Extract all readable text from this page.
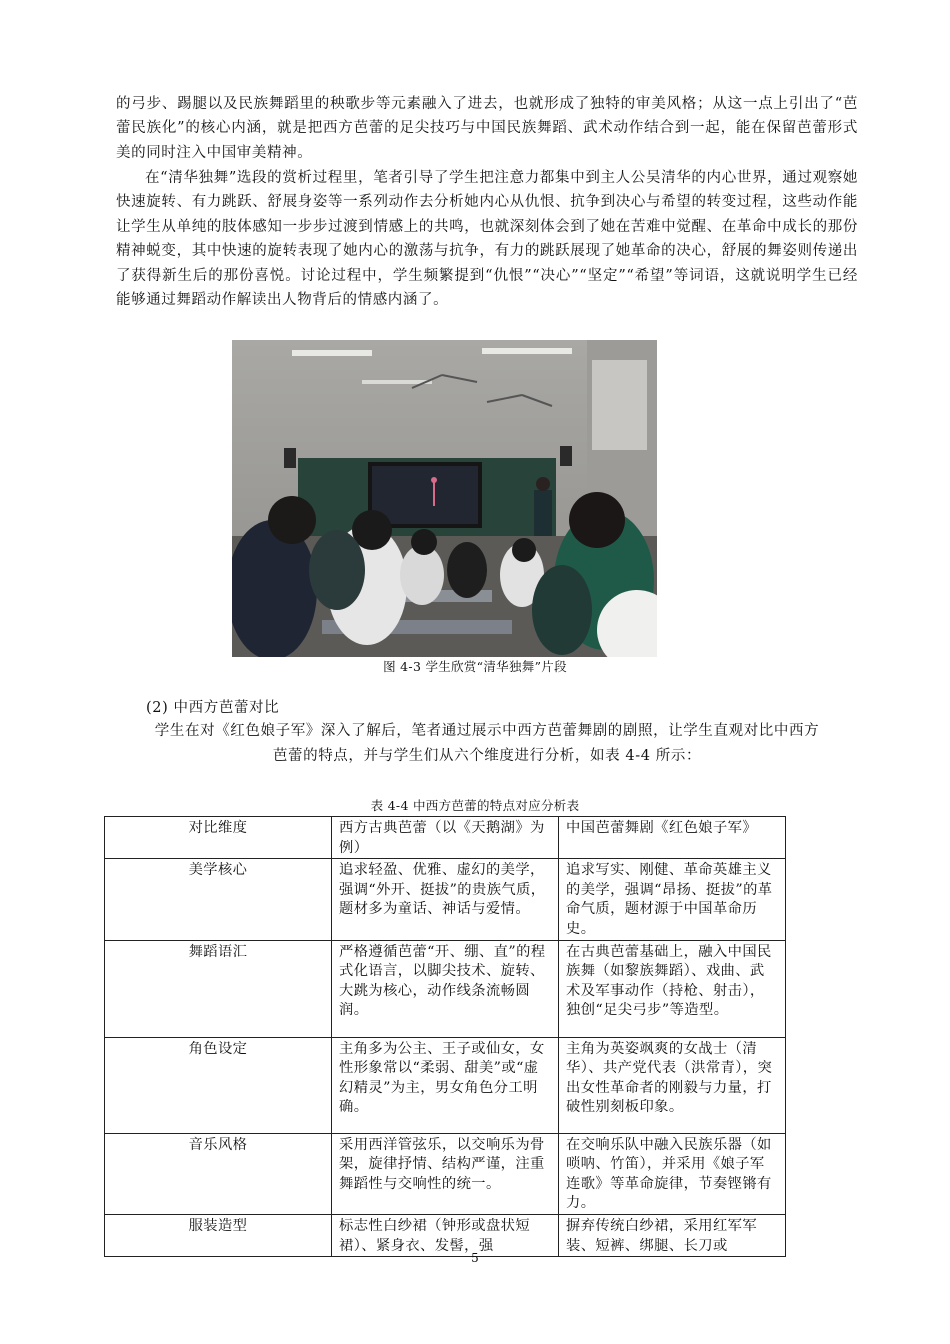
的弓步、踢腿以及民族舞蹈里的秧歌步等元素融入了进去，也就形成了独特的审美风格；从这一点上引出了“芭蕾民族化”的核心内涵，就是把西方芭蕾的足尖技巧与中国民族舞蹈、武术动作结合到一起，能在保留芭蕾形式美的同时注入中国审美精神。

在“清华独舞”选段的赏析过程里，笔者引导了学生把注意力都集中到主人公吴清华的内心世界，通过观察她快速旋转、有力跳跃、舒展身姿等一系列动作去分析她内心从仇恨、抗争到决心与希望的转变过程，这些动作能让学生从单纯的肢体感知一步步过渡到情感上的共鸣，也就深刻体会到了她在苦难中觉醒、在革命中成长的那份精神蜕变，其中快速的旋转表现了她内心的激荡与抗争，有力的跳跃展现了她革命的决心，舒展的舞姿则传递出了获得新生后的那份喜悦。讨论过程中，学生频繁提到“仇恨”“决心”“坚定”“希望”等词语，这就说明学生已经能够通过舞蹈动作解读出人物背后的情感内涵了。

图 4-3 学生欣赏“清华独舞”片段
(2) 中西方芭蕾对比

学生在对《红色娘子军》深入了解后，笔者通过展示中西方芭蕾舞剧的剧照，让学生直观对比中西方

芭蕾的特点，并与学生们从六个维度进行分析，如表 4-4 所示：

表 4-4 中西方芭蕾的特点对应分析表
对比维度	西方古典芭蕾（以《天鹅湖》为例）	中国芭蕾舞剧《红色娘子军》
美学核心	追求轻盈、优雅、虚幻的美学，强调“外开、挺拔”的贵族气质，题材多为童话、神话与爱情。	追求写实、刚健、革命英雄主义的美学，强调“昂扬、挺拔”的革命气质，题材源于中国革命历史。
舞蹈语汇	严格遵循芭蕾“开、绷、直”的程式化语言，以脚尖技术、旋转、大跳为核心，动作线条流畅圆润。	在古典芭蕾基础上，融入中国民族舞（如黎族舞蹈）、戏曲、武术及军事动作（持枪、射击），独创“足尖弓步”等造型。
角色设定	主角多为公主、王子或仙女，女性形象常以“柔弱、甜美”或“虚幻精灵”为主，男女角色分工明确。	主角为英姿飒爽的女战士（清华）、共产党代表（洪常青），突出女性革命者的刚毅与力量，打破性别刻板印象。
音乐风格	采用西洋管弦乐，以交响乐为骨架，旋律抒情、结构严谨，注重舞蹈性与交响性的统一。	在交响乐队中融入民族乐器（如唢呐、竹笛），并采用《娘子军连歌》等革命旋律，节奏铿锵有力。
服装造型	标志性白纱裙（钟形或盘状短裙）、紧身衣、发髻，强	摒弃传统白纱裙，采用红军军装、短裤、绑腿、长刀或
5
